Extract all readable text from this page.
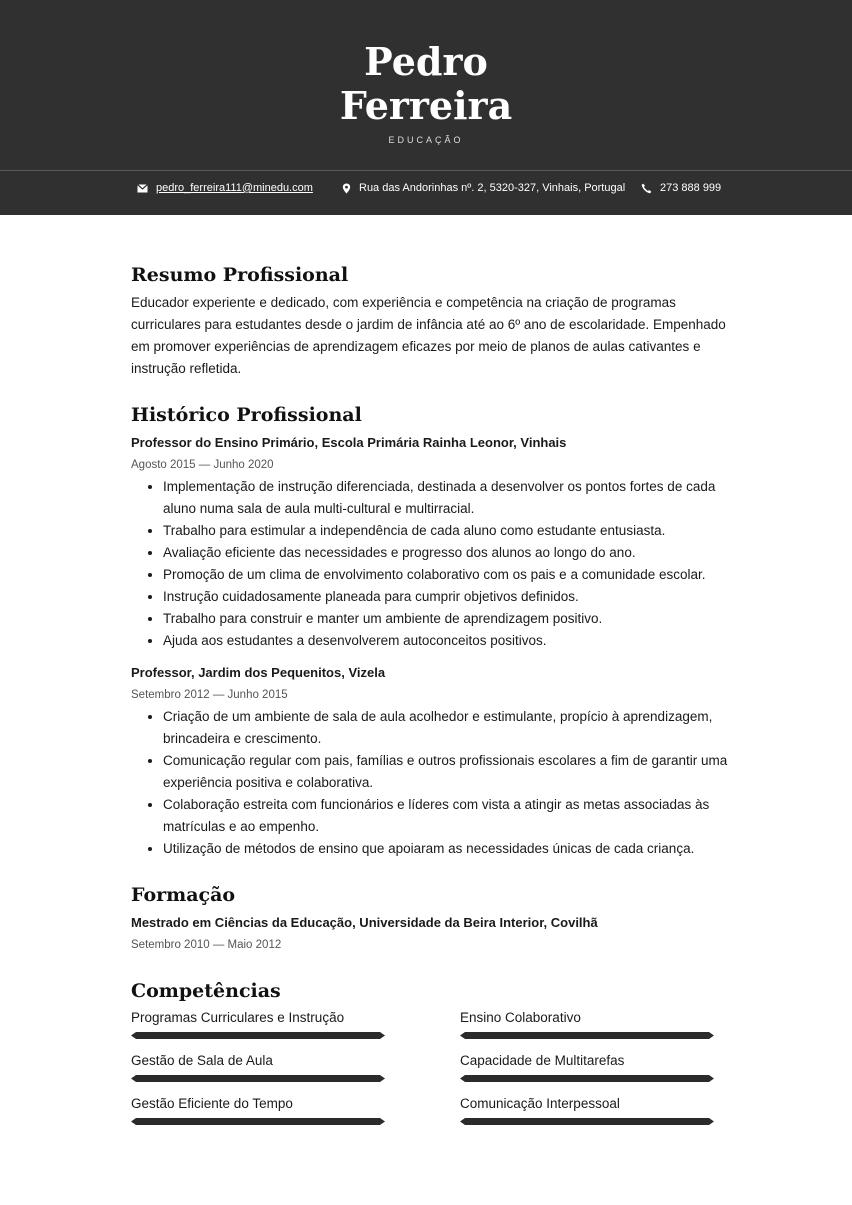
Pedro
Ferreira
EDUCAÇÃO
pedro_ferreira111@minedu.com	Rua das Andorinhas nº. 2, 5320-327, Vinhais, Portugal	273 888 999
Resumo Profissional

Educador experiente e dedicado, com experiência e competência na criação de programas curriculares para estudantes desde o jardim de infância até ao 6º ano de escolaridade. Empenhado em promover experiências de aprendizagem eficazes por meio de planos de aulas cativantes e instrução refletida.

Histórico Profissional

Professor do Ensino Primário, Escola Primária Rainha Leonor, Vinhais

Agosto 2015 — Junho 2020

• Implementação de instrução diferenciada, destinada a desenvolver os pontos fortes de cada aluno numa sala de aula multi-cultural e multirracial.
• Trabalho para estimular a independência de cada aluno como estudante entusiasta.
• Avaliação eficiente das necessidades e progresso dos alunos ao longo do ano.
• Promoção de um clima de envolvimento colaborativo com os pais e a comunidade escolar.
• Instrução cuidadosamente planeada para cumprir objetivos definidos.
• Trabalho para construir e manter um ambiente de aprendizagem positivo.
• Ajuda aos estudantes a desenvolverem autoconceitos positivos.

Professor, Jardim dos Pequenitos, Vizela

Setembro 2012 — Junho 2015

• Criação de um ambiente de sala de aula acolhedor e estimulante, propício à aprendizagem, brincadeira e crescimento.
• Comunicação regular com pais, famílias e outros profissionais escolares a fim de garantir uma experiência positiva e colaborativa.
• Colaboração estreita com funcionários e líderes com vista a atingir as metas associadas às matrículas e ao empenho.
• Utilização de métodos de ensino que apoiaram as necessidades únicas de cada criança.
Formação

Mestrado em Ciências da Educação, Universidade da Beira Interior, Covilhã

Setembro 2010 — Maio 2012

Competências
Programas Curriculares e Instrução	Ensino Colaborativo
Gestão de Sala de Aula	Capacidade de Multitarefas
Gestão Eficiente do Tempo	Comunicação Interpessoal
